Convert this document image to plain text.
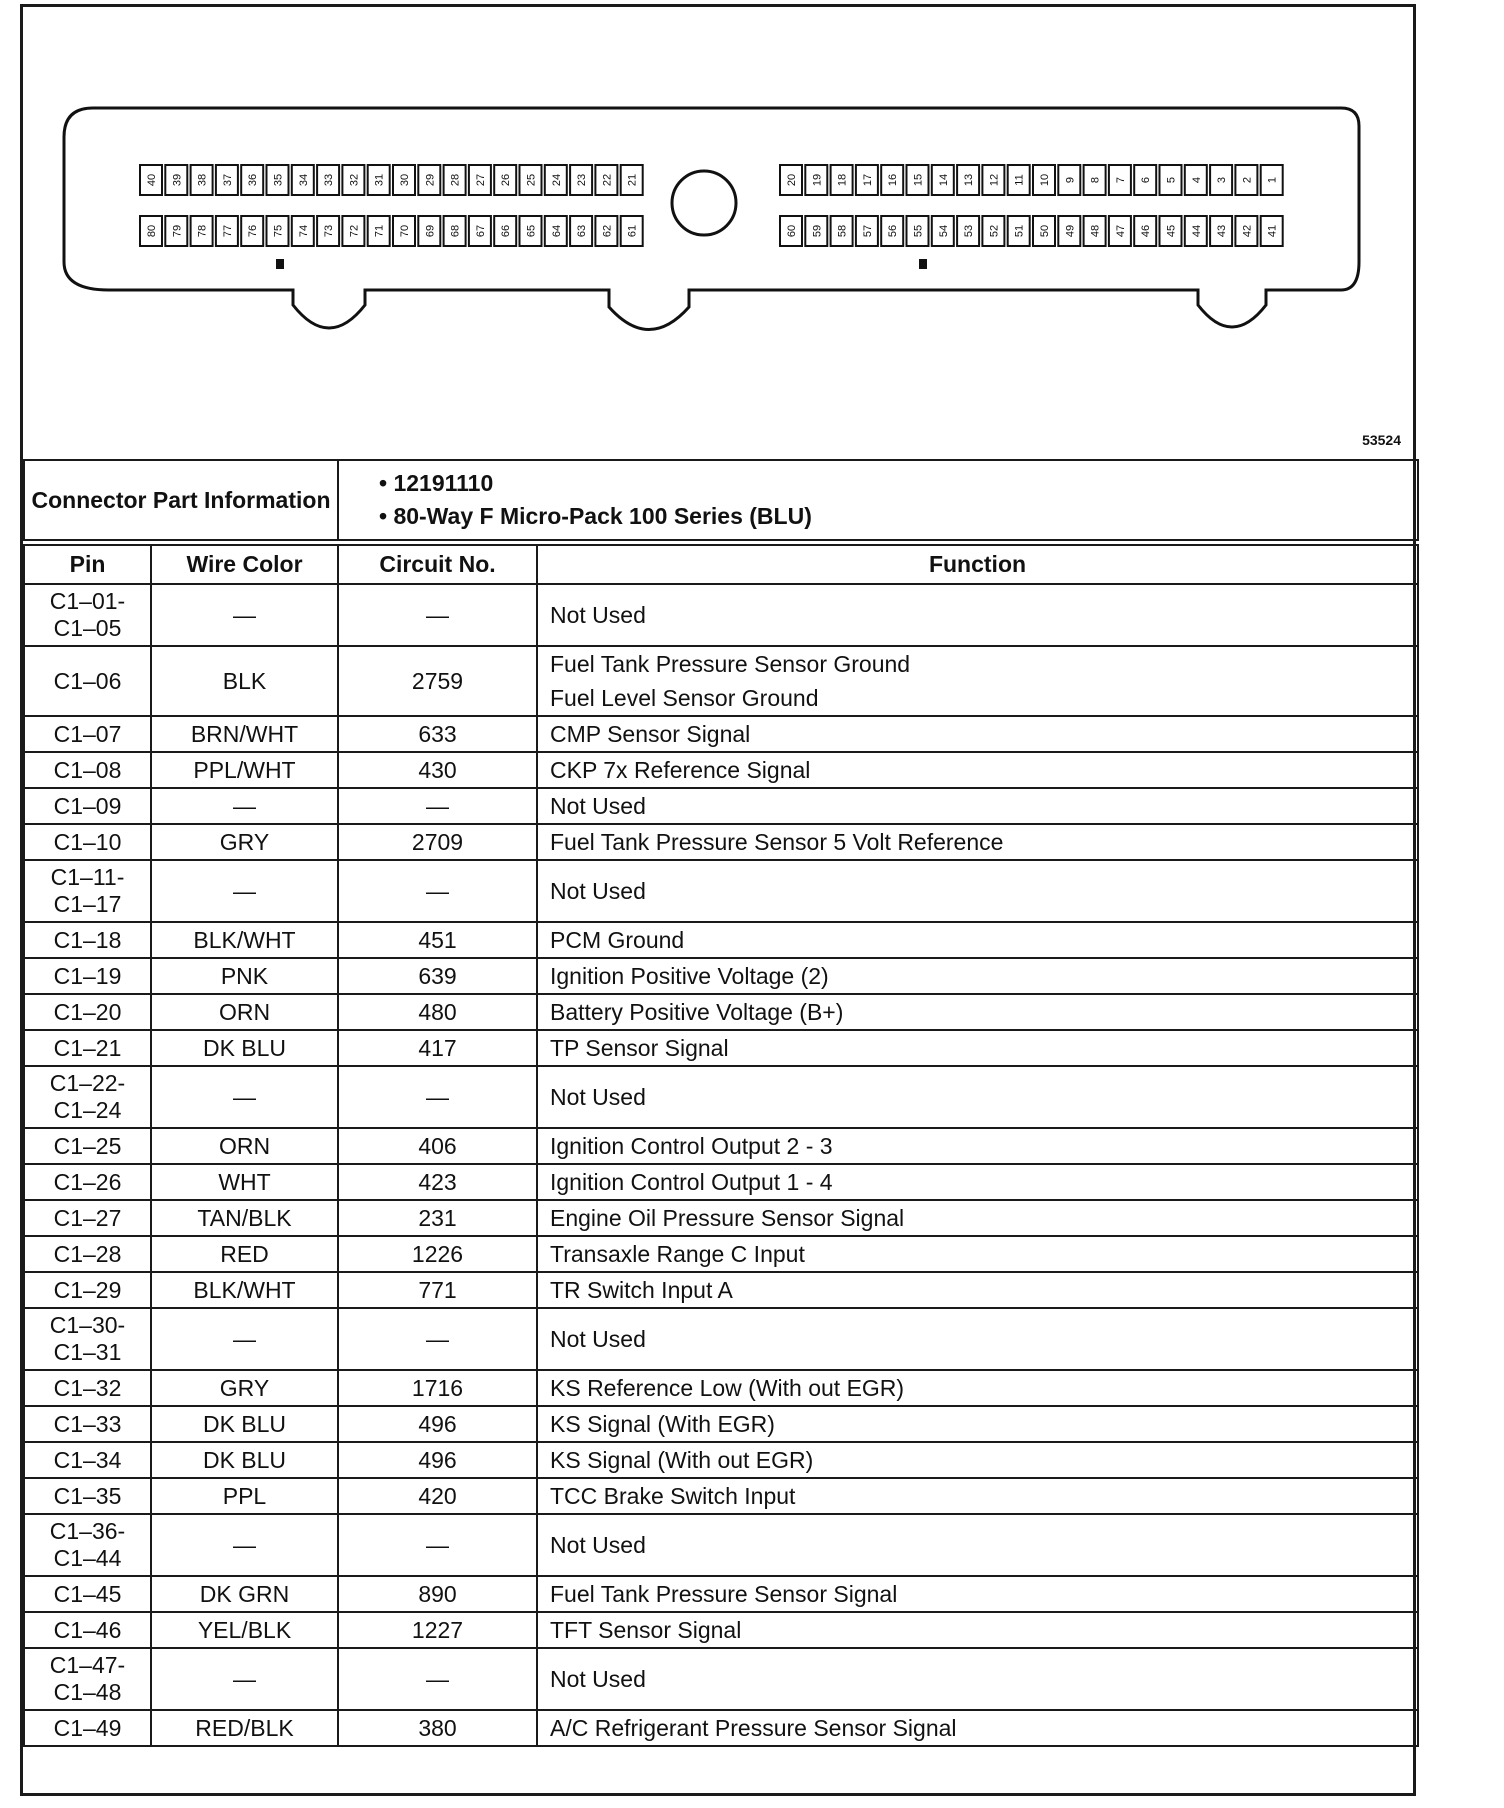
40
80
39
79
38
78
37
77
36
76
35
75
34
74
33
73
32
72
31
71
30
70
29
69
28
68
27
67
26
66
25
65
24
64
23
63
22
62
21
61
20
60
19
59
18
58
17
57
16
56
15
55
14
54
13
53
12
52
11
51
10
50
9
49
8
48
7
47
6
46
5
45
4
44
3
43
2
42
1
41
53524
Connector Part Information	
• 12191110
• 80-Way F Micro-Pack 100 Series (BLU)
Pin	Wire Color	Circuit No.	Function
C1–01-
C1–05	—	—	Not Used
C1–06	BLK	2759	Fuel Tank Pressure Sensor Ground
Fuel Level Sensor Ground
C1–07	BRN/WHT	633	CMP Sensor Signal
C1–08	PPL/WHT	430	CKP 7x Reference Signal
C1–09	—	—	Not Used
C1–10	GRY	2709	Fuel Tank Pressure Sensor 5 Volt Reference
C1–11-
C1–17	—	—	Not Used
C1–18	BLK/WHT	451	PCM Ground
C1–19	PNK	639	Ignition Positive Voltage (2)
C1–20	ORN	480	Battery Positive Voltage (B+)
C1–21	DK BLU	417	TP Sensor Signal
C1–22-
C1–24	—	—	Not Used
C1–25	ORN	406	Ignition Control Output 2 - 3
C1–26	WHT	423	Ignition Control Output 1 - 4
C1–27	TAN/BLK	231	Engine Oil Pressure Sensor Signal
C1–28	RED	1226	Transaxle Range C Input
C1–29	BLK/WHT	771	TR Switch Input A
C1–30-
C1–31	—	—	Not Used
C1–32	GRY	1716	KS Reference Low (With out EGR)
C1–33	DK BLU	496	KS Signal (With EGR)
C1–34	DK BLU	496	KS Signal (With out EGR)
C1–35	PPL	420	TCC Brake Switch Input
C1–36-
C1–44	—	—	Not Used
C1–45	DK GRN	890	Fuel Tank Pressure Sensor Signal
C1–46	YEL/BLK	1227	TFT Sensor Signal
C1–47-
C1–48	—	—	Not Used
C1–49	RED/BLK	380	A/C Refrigerant Pressure Sensor Signal
